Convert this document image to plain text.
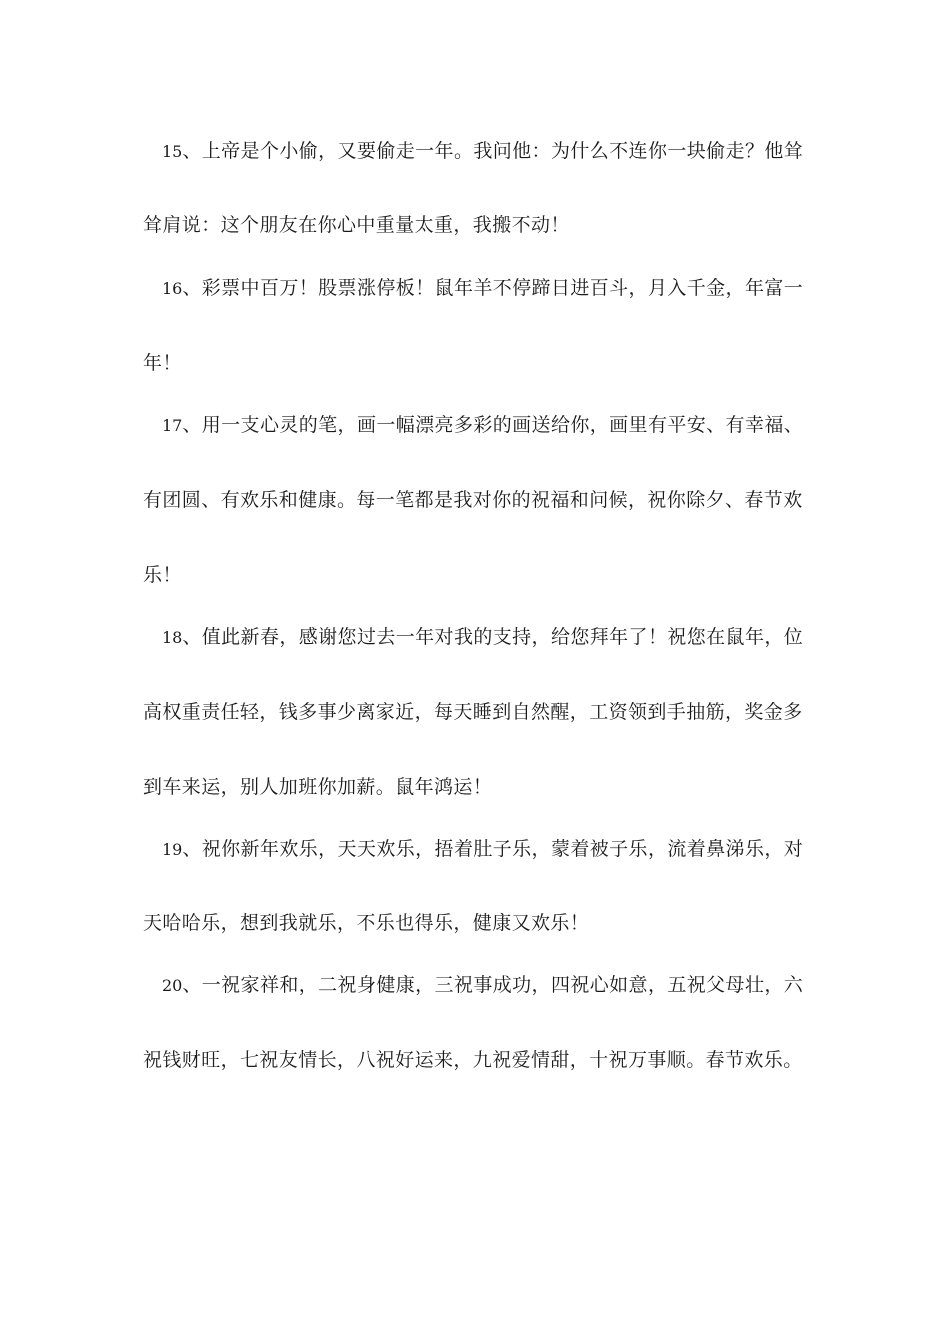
15、上帝是个小偷，又要偷走一年。我问他：为什么不连你一块偷走？他耸
耸肩说：这个朋友在你心中重量太重，我搬不动！
16、彩票中百万！股票涨停板！鼠年羊不停蹄日进百斗，月入千金，年富一
年！
17、用一支心灵的笔，画一幅漂亮多彩的画送给你，画里有平安、有幸福、
有团圆、有欢乐和健康。每一笔都是我对你的祝福和问候，祝你除夕、春节欢
乐！
18、值此新春，感谢您过去一年对我的支持，给您拜年了！祝您在鼠年，位
高权重责任轻，钱多事少离家近，每天睡到自然醒，工资领到手抽筋，奖金多
到车来运，别人加班你加薪。鼠年鸿运！
19、祝你新年欢乐，天天欢乐，捂着肚子乐，蒙着被子乐，流着鼻涕乐，对
天哈哈乐，想到我就乐，不乐也得乐，健康又欢乐！
20、一祝家祥和，二祝身健康，三祝事成功，四祝心如意，五祝父母壮，六
祝钱财旺，七祝友情长，八祝好运来，九祝爱情甜，十祝万事顺。春节欢乐。
